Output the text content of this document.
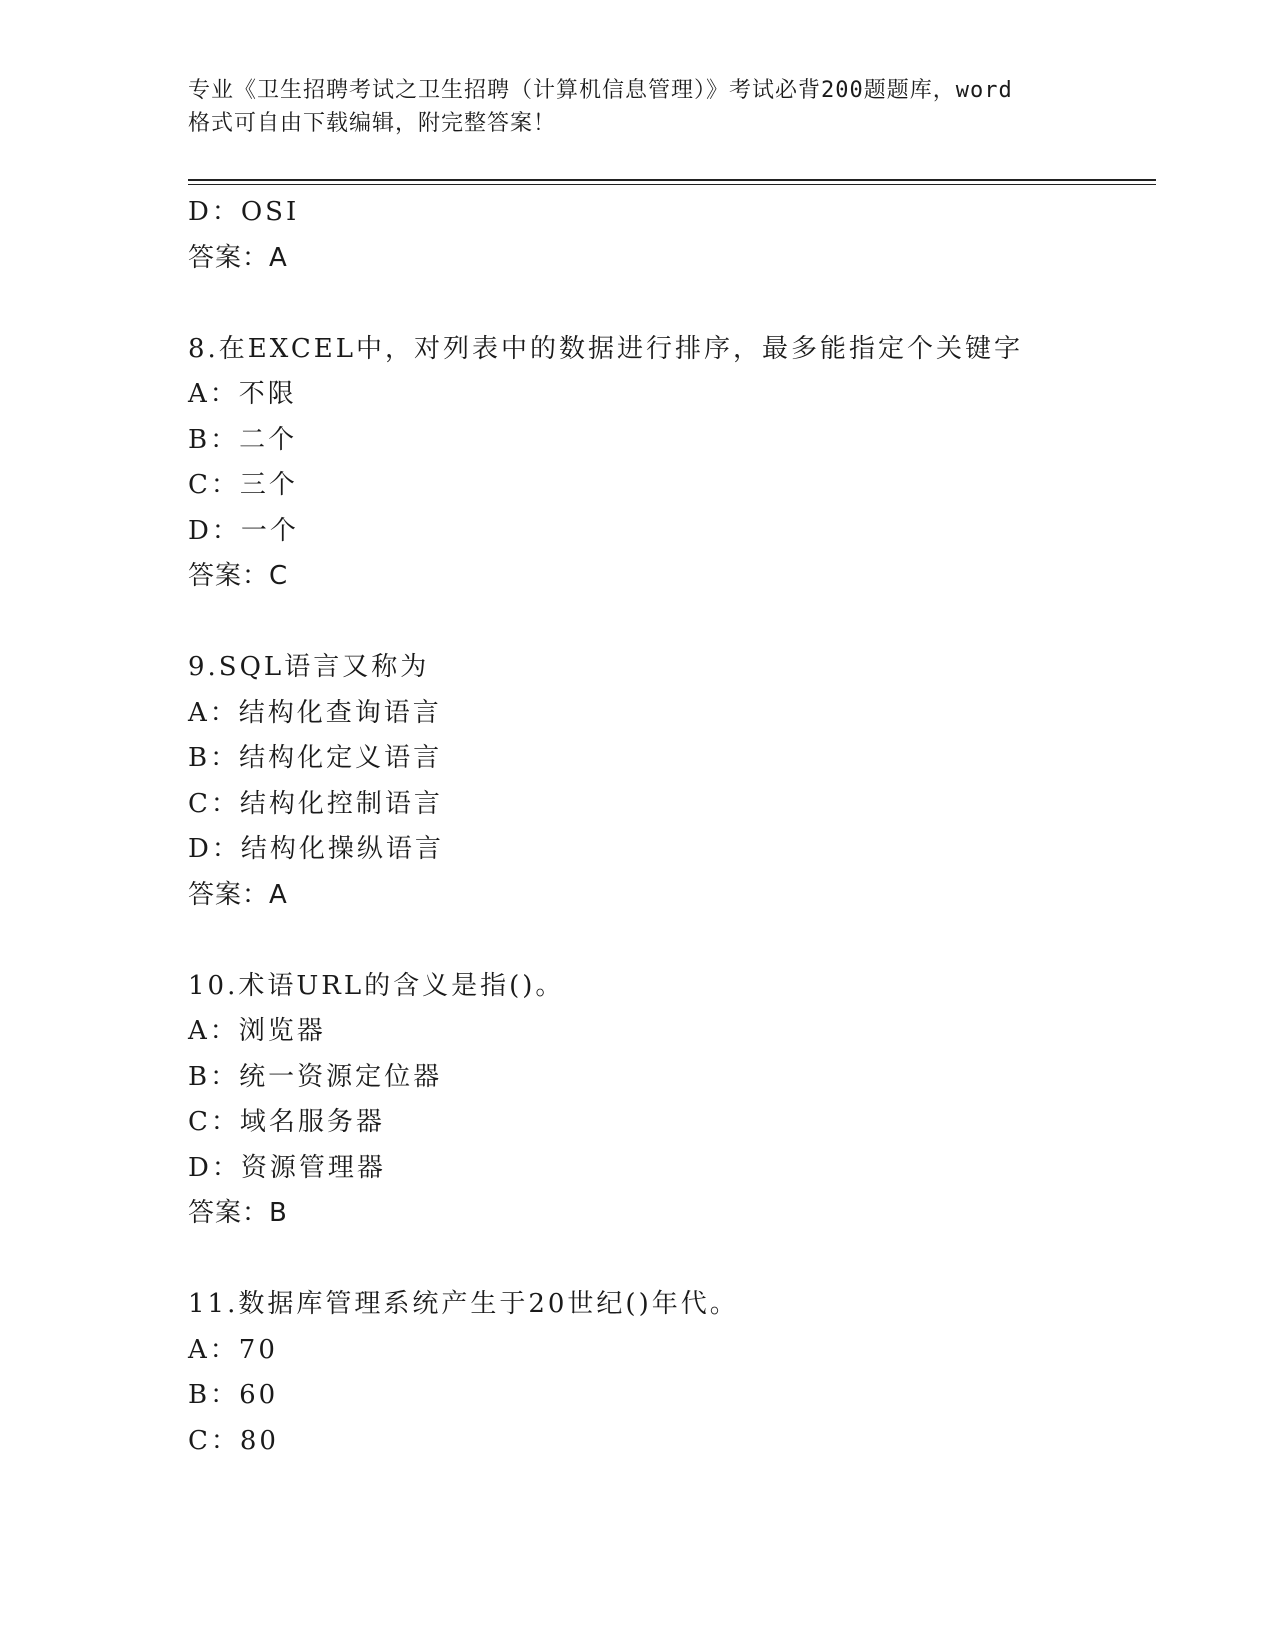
专业《卫生招聘考试之卫生招聘（计算机信息管理）》考试必背200题题库，word
格式可自由下载编辑，附完整答案！
D：OSI
答案：A
8.在EXCEL中，对列表中的数据进行排序，最多能指定个关键字
A：不限
B：二个
C：三个
D：一个
答案：C
9.SQL语言又称为
A：结构化查询语言
B：结构化定义语言
C：结构化控制语言
D：结构化操纵语言
答案：A
10.术语URL的含义是指()。
A：浏览器
B：统一资源定位器
C：域名服务器
D：资源管理器
答案：B
11.数据库管理系统产生于20世纪()年代。
A：70
B：60
C：80
